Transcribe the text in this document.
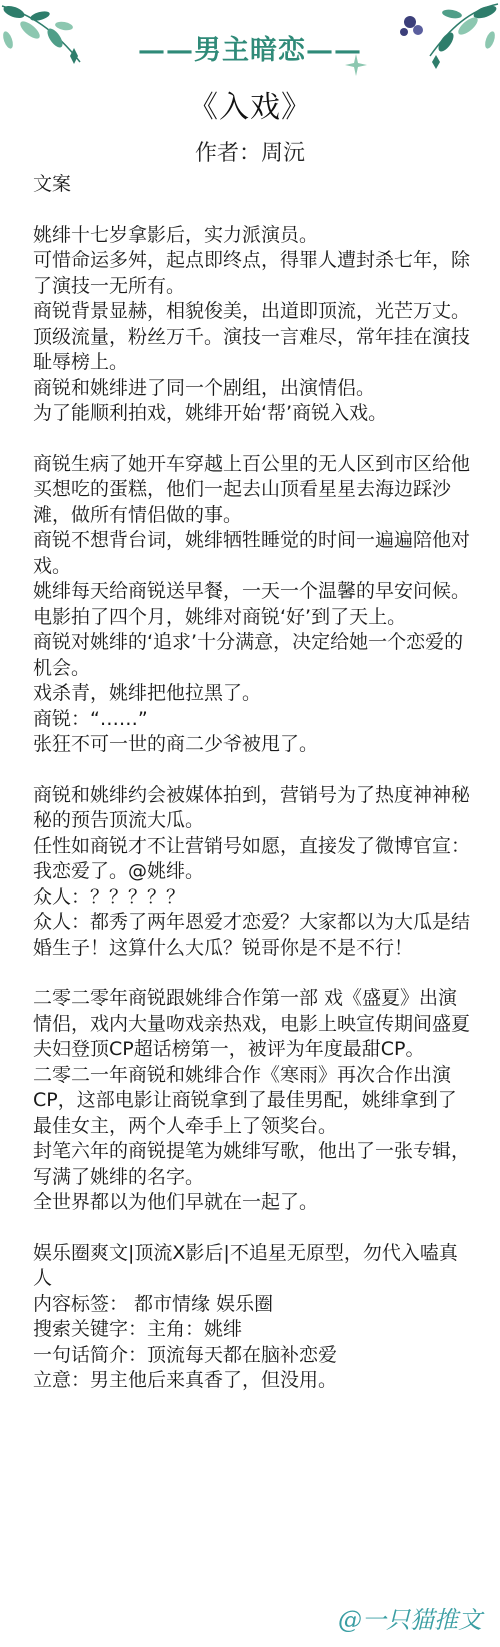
——男主暗恋——
《入戏》
作者：周沅

文案

姚绯十七岁拿影后，实力派演员。

可惜命运多舛，起点即终点，得罪人遭封杀七年，除了演技一无所有。

商锐背景显赫，相貌俊美，出道即顶流，光芒万丈。

顶级流量，粉丝万千。演技一言难尽，常年挂在演技耻辱榜上。

商锐和姚绯进了同一个剧组，出演情侣。

为了能顺利拍戏，姚绯开始‘帮’商锐入戏。

商锐生病了她开车穿越上百公里的无人区到市区给他买想吃的蛋糕，他们一起去山顶看星星去海边踩沙滩，做所有情侣做的事。

商锐不想背台词，姚绯牺牲睡觉的时间一遍遍陪他对戏。

姚绯每天给商锐送早餐，一天一个温馨的早安问候。

电影拍了四个月，姚绯对商锐‘好’到了天上。

商锐对姚绯的‘追求’十分满意，决定给她一个恋爱的机会。

戏杀青，姚绯把他拉黑了。

商锐：“……”

张狂不可一世的商二少爷被甩了。

商锐和姚绯约会被媒体拍到，营销号为了热度神神秘秘的预告顶流大瓜。

任性如商锐才不让营销号如愿，直接发了微博官宣：我恋爱了。@姚绯。

众人：？？？？？

众人：都秀了两年恩爱才恋爱？大家都以为大瓜是结婚生子！这算什么大瓜？锐哥你是不是不行！

二零二零年商锐跟姚绯合作第一部 戏《盛夏》出演情侣，戏内大量吻戏亲热戏，电影上映宣传期间盛夏夫妇登顶CP超话榜第一，被评为年度最甜CP。

二零二一年商锐和姚绯合作《寒雨》再次合作出演CP，这部电影让商锐拿到了最佳男配，姚绯拿到了最佳女主，两个人牵手上了领奖台。

封笔六年的商锐提笔为姚绯写歌，他出了一张专辑，写满了姚绯的名字。

全世界都以为他们早就在一起了。

娱乐圈爽文|顶流X影后|不追星无原型，勿代入嗑真人

内容标签： 都市情缘 娱乐圈

搜索关键字：主角：姚绯

一句话简介：顶流每天都在脑补恋爱

立意：男主他后来真香了，但没用。

@一只猫推文
